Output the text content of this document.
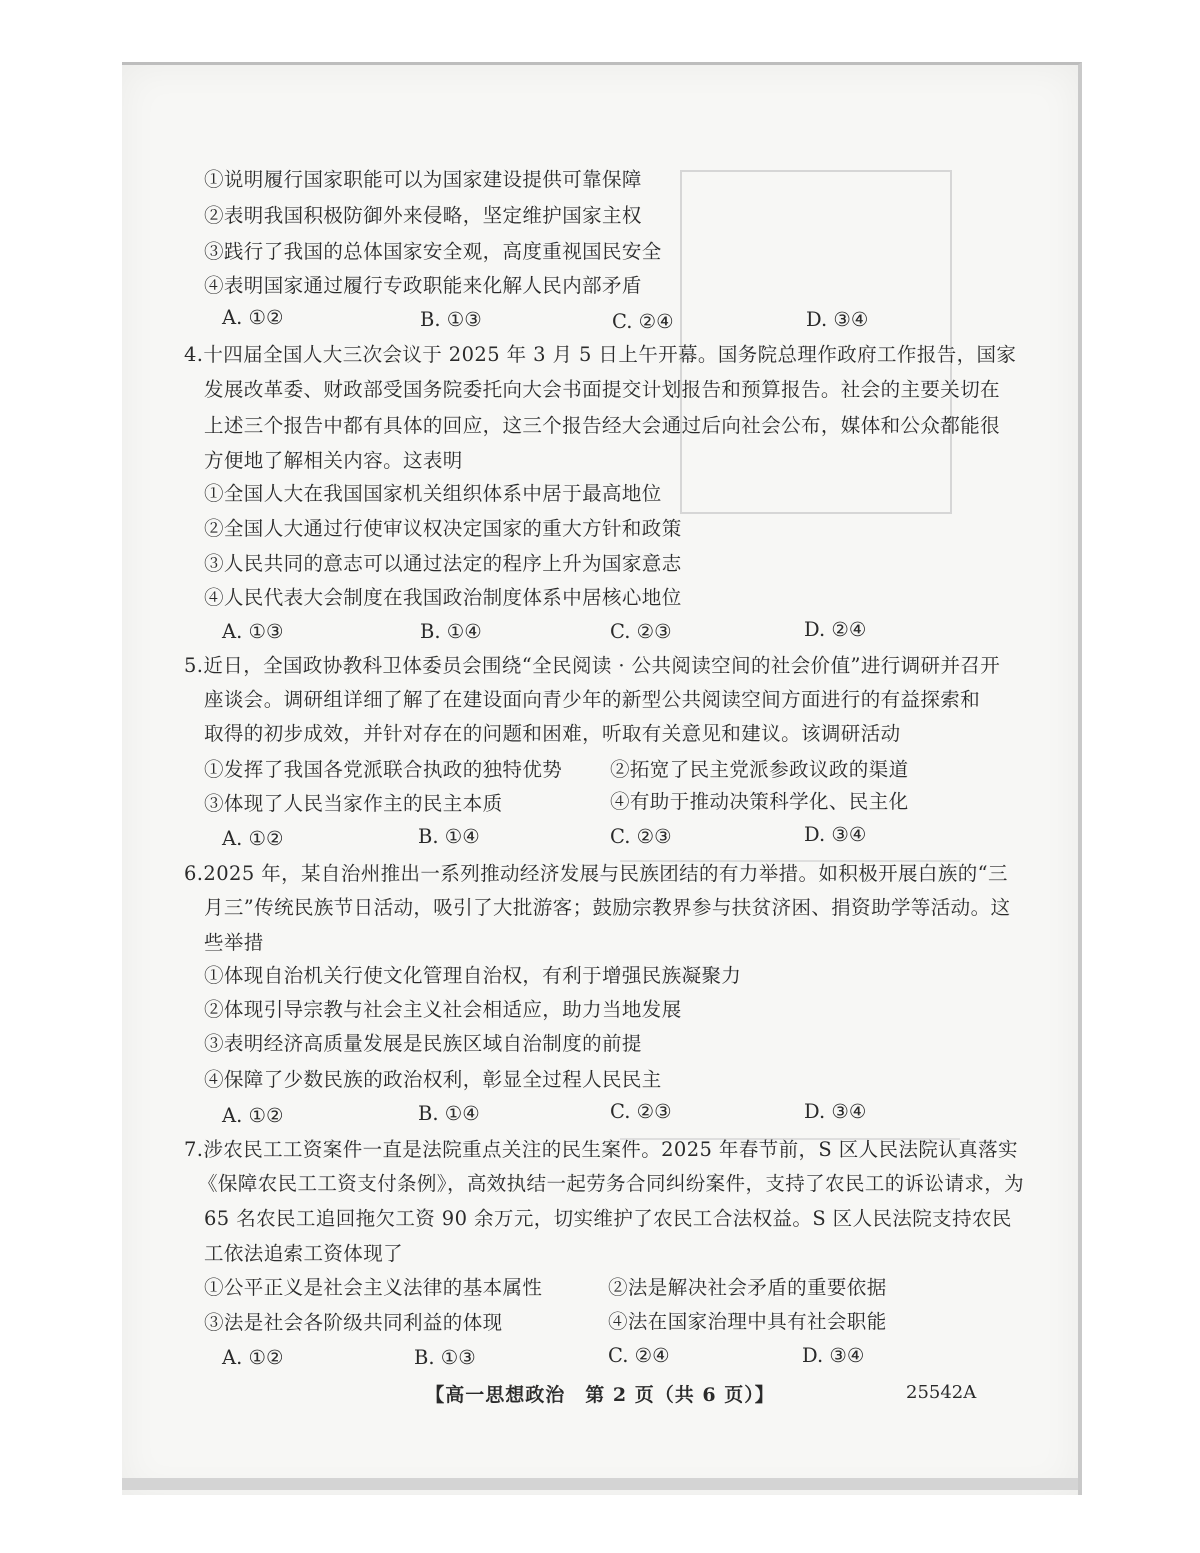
①说明履行国家职能可以为国家建设提供可靠保障
②表明我国积极防御外来侵略，坚定维护国家主权
③践行了我国的总体国家安全观，高度重视国民安全
④表明国家通过履行专政职能来化解人民内部矛盾
A. ①②	B. ①③	C. ②④	D. ③④
4.十四届全国人大三次会议于 2025 年 3 月 5 日上午开幕。国务院总理作政府工作报告，国家
发展改革委、财政部受国务院委托向大会书面提交计划报告和预算报告。社会的主要关切在
上述三个报告中都有具体的回应，这三个报告经大会通过后向社会公布，媒体和公众都能很
方便地了解相关内容。这表明
①全国人大在我国国家机关组织体系中居于最高地位
②全国人大通过行使审议权决定国家的重大方针和政策
③人民共同的意志可以通过法定的程序上升为国家意志
④人民代表大会制度在我国政治制度体系中居核心地位
A. ①③	B. ①④	C. ②③	D. ②④
5.近日，全国政协教科卫体委员会围绕“全民阅读 · 公共阅读空间的社会价值”进行调研并召开
座谈会。调研组详细了解了在建设面向青少年的新型公共阅读空间方面进行的有益探索和
取得的初步成效，并针对存在的问题和困难，听取有关意见和建议。该调研活动
①发挥了我国各党派联合执政的独特优势 ②拓宽了民主党派参政议政的渠道
③体现了人民当家作主的民主本质	④有助于推动决策科学化、民主化
A. ①②	B. ①④	C. ②③	D. ③④
6.2025 年，某自治州推出一系列推动经济发展与民族团结的有力举措。如积极开展白族的“三
月三”传统民族节日活动，吸引了大批游客；鼓励宗教界参与扶贫济困、捐资助学等活动。这
些举措
①体现自治机关行使文化管理自治权，有利于增强民族凝聚力
②体现引导宗教与社会主义社会相适应，助力当地发展
③表明经济高质量发展是民族区域自治制度的前提
④保障了少数民族的政治权利，彰显全过程人民民主
A. ①②	B. ①④	C. ②③	D. ③④
7.涉农民工工资案件一直是法院重点关注的民生案件。2025 年春节前，S 区人民法院认真落实
《保障农民工工资支付条例》，高效执结一起劳务合同纠纷案件，支持了农民工的诉讼请求，为
65 名农民工追回拖欠工资 90 余万元，切实维护了农民工合法权益。S 区人民法院支持农民
工依法追索工资体现了
①公平正义是社会主义法律的基本属性	②法是解决社会矛盾的重要依据
③法是社会各阶级共同利益的体现	④法在国家治理中具有社会职能
A. ①②	B. ①③	C. ②④	D. ③④
【高一思想政治　第 2 页（共 6 页）】	25542A
